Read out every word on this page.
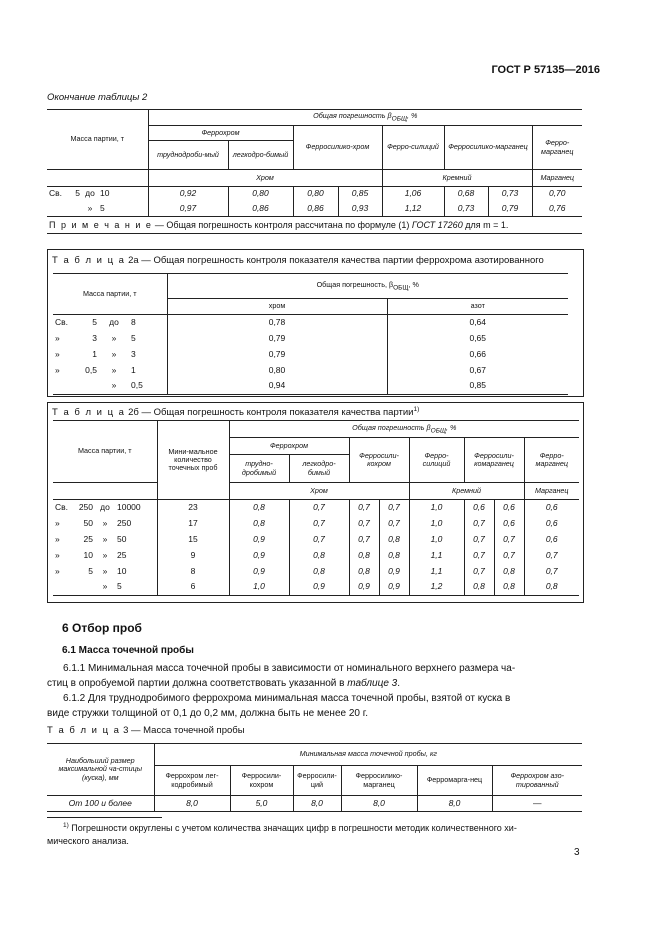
ГОСТ Р 57135—2016
Окончание таблицы 2
Масса партии, т				Общая погрешность $\beta_{ОБЩ}$, %							
				Феррохром		Ферросилико-хром		Ферро-силиций	Ферросилико-марганец		Ферро-марганец
				труднодроби-мый	легкодро-бимый						
				Хром				Кремний			Марганец
Св.	5	до	10	0,92	0,80	0,80	0,85	1,06	0,68	0,73	0,70
		»	5	0,97	0,86	0,86	0,93	1,12	0,73	0,79	0,76
П р и м е ч а н и е — Общая погрешность контроля рассчитана по формуле (1) ГОСТ 17260 для m = 1.											
Т а б л и ц а 2а — Общая погрешность контроля показателя качества партии феррохрома азотированного
Масса партии, т				Общая погрешность, $\beta_{ОБЩ}$, %	
				хром	азот
Св.	5	до	8	0,78	0,64
»	3	»	5	0,79	0,65
»	1	»	3	0,79	0,66
»	0,5	»	1	0,80	0,67
		»	0,5	0,94	0,85
Т а б л и ц а 2б — Общая погрешность контроля показателя качества партии$^{1)}$
Масса партии, т				Мини-мальное количество точечных проб	Общая погрешность $\beta_{ОБЩ}$, %							
					Феррохром		Ферросили-кохром		Ферро-силиций	Ферросили-комарганец		Ферро-марганец
					трудно-дробимый	легкодро-бимый						
					Хром				Кремний			Марганец
Св.	250	до	10000	23	0,8	0,7	0,7	0,7	1,0	0,6	0,6	0,6
»	50	»	250	17	0,8	0,7	0,7	0,7	1,0	0,7	0,6	0,6
»	25	»	50	15	0,9	0,7	0,7	0,8	1,0	0,7	0,7	0,6
»	10	»	25	9	0,9	0,8	0,8	0,8	1,1	0,7	0,7	0,7
»	5	»	10	8	0,9	0,8	0,8	0,9	1,1	0,7	0,8	0,7
		»	5	6	1,0	0,9	0,9	0,9	1,2	0,8	0,8	0,8
6 Отбор проб
6.1 Масса точечной пробы
6.1.1 Минимальная масса точечной пробы в зависимости от номинального верхнего размера ча-
стиц в опробуемой партии должна соответствовать указанной в таблице 3.
6.1.2 Для труднодробимого феррохрома минимальная масса точечной пробы, взятой от куска в
виде стружки толщиной от 0,1 до 0,2 мм, должна быть не менее 20 г.
Т а б л и ц а 3 — Масса точечной пробы
Наибольший размер максимальной ча-стицы (куска), мм	Минимальная масса точечной пробы, кг					
	Феррохром лег-кодробимый	Ферросили-кохром	Ферросили-ций	Ферросилико-марганец	Ферромарга-нец	Феррохром азо-тированный
От 100 и более	8,0	5,0	8,0	8,0	8,0	—
$^{1)}$ Погрешности округлены с учетом количества значащих цифр в погрешности методик количественного хи-
мического анализа.
3
